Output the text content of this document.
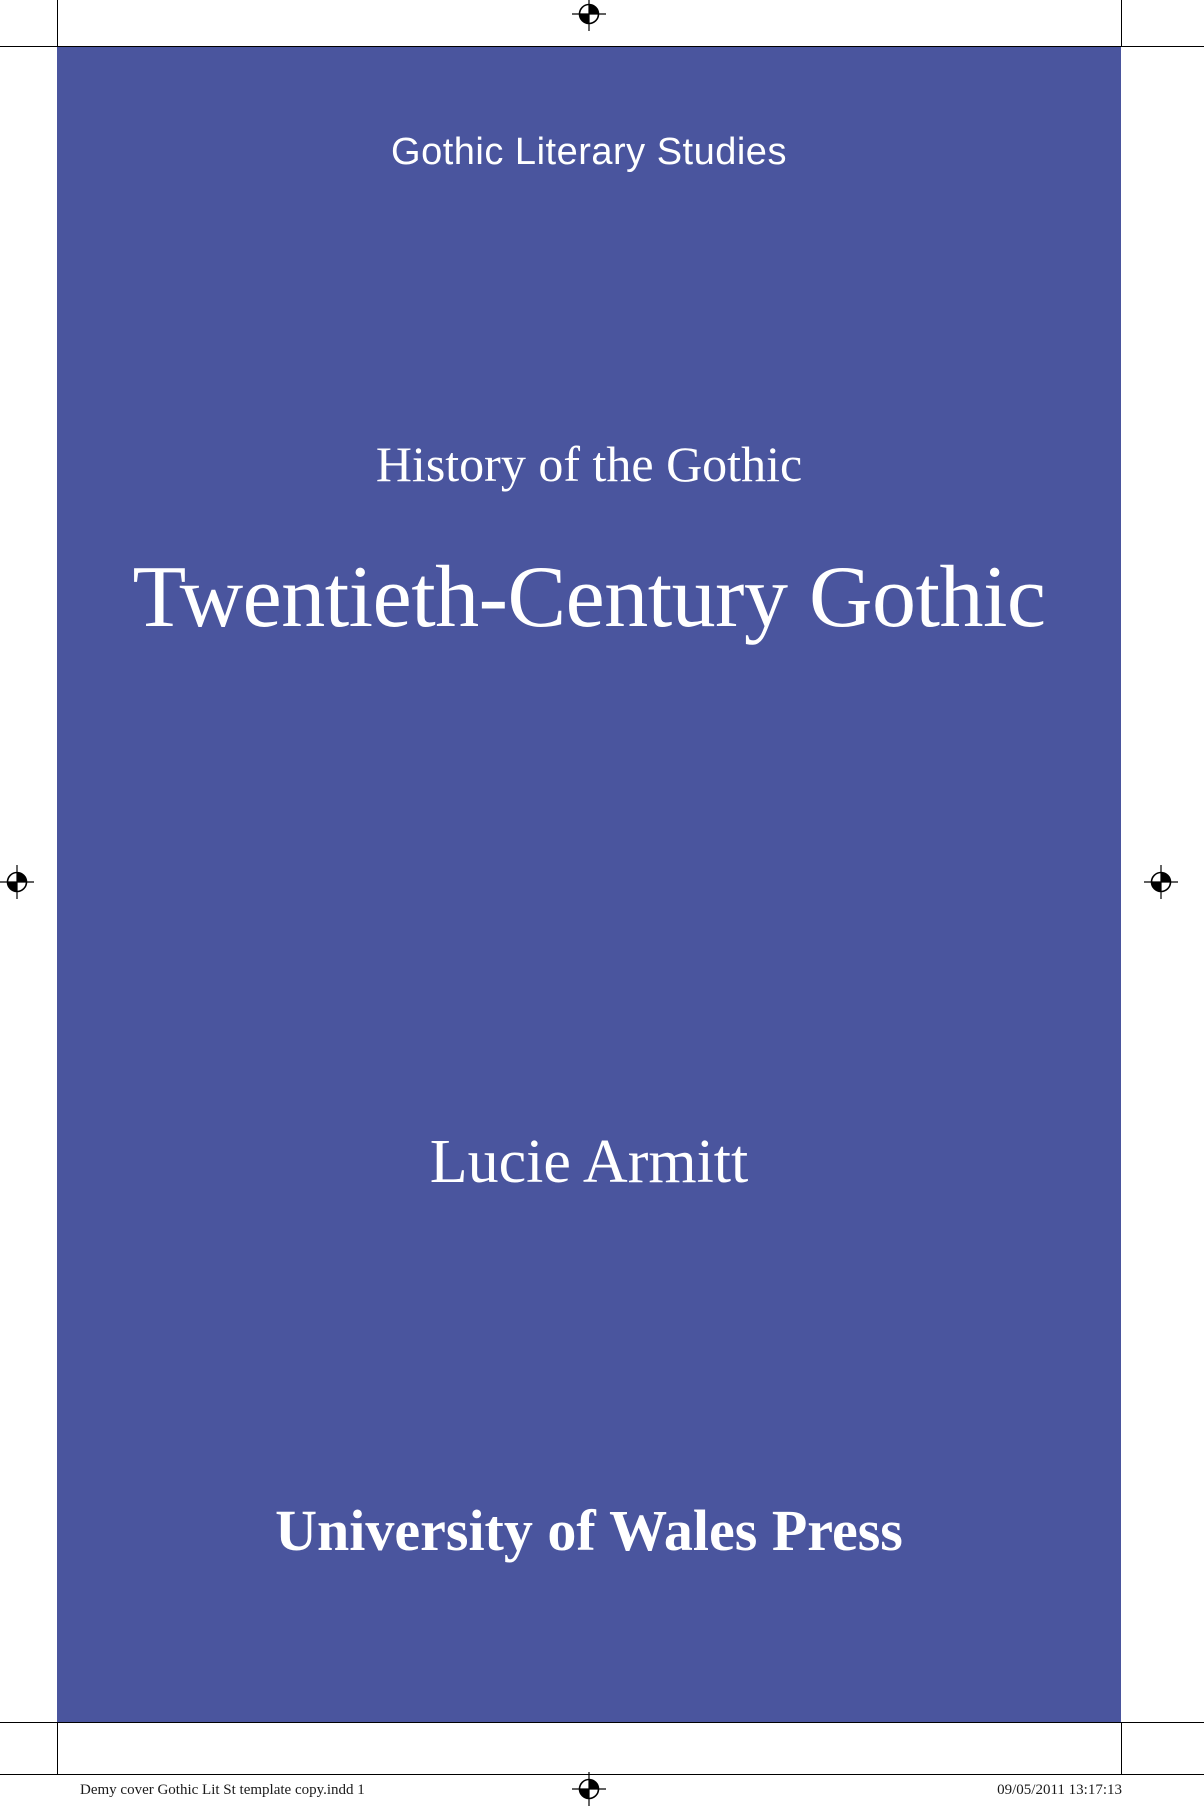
Gothic Literary Studies
History of the Gothic
Twentieth-Century Gothic
Lucie Armitt
University of Wales Press
Demy cover Gothic Lit St template copy.indd 1	09/05/2011 13:17:13
